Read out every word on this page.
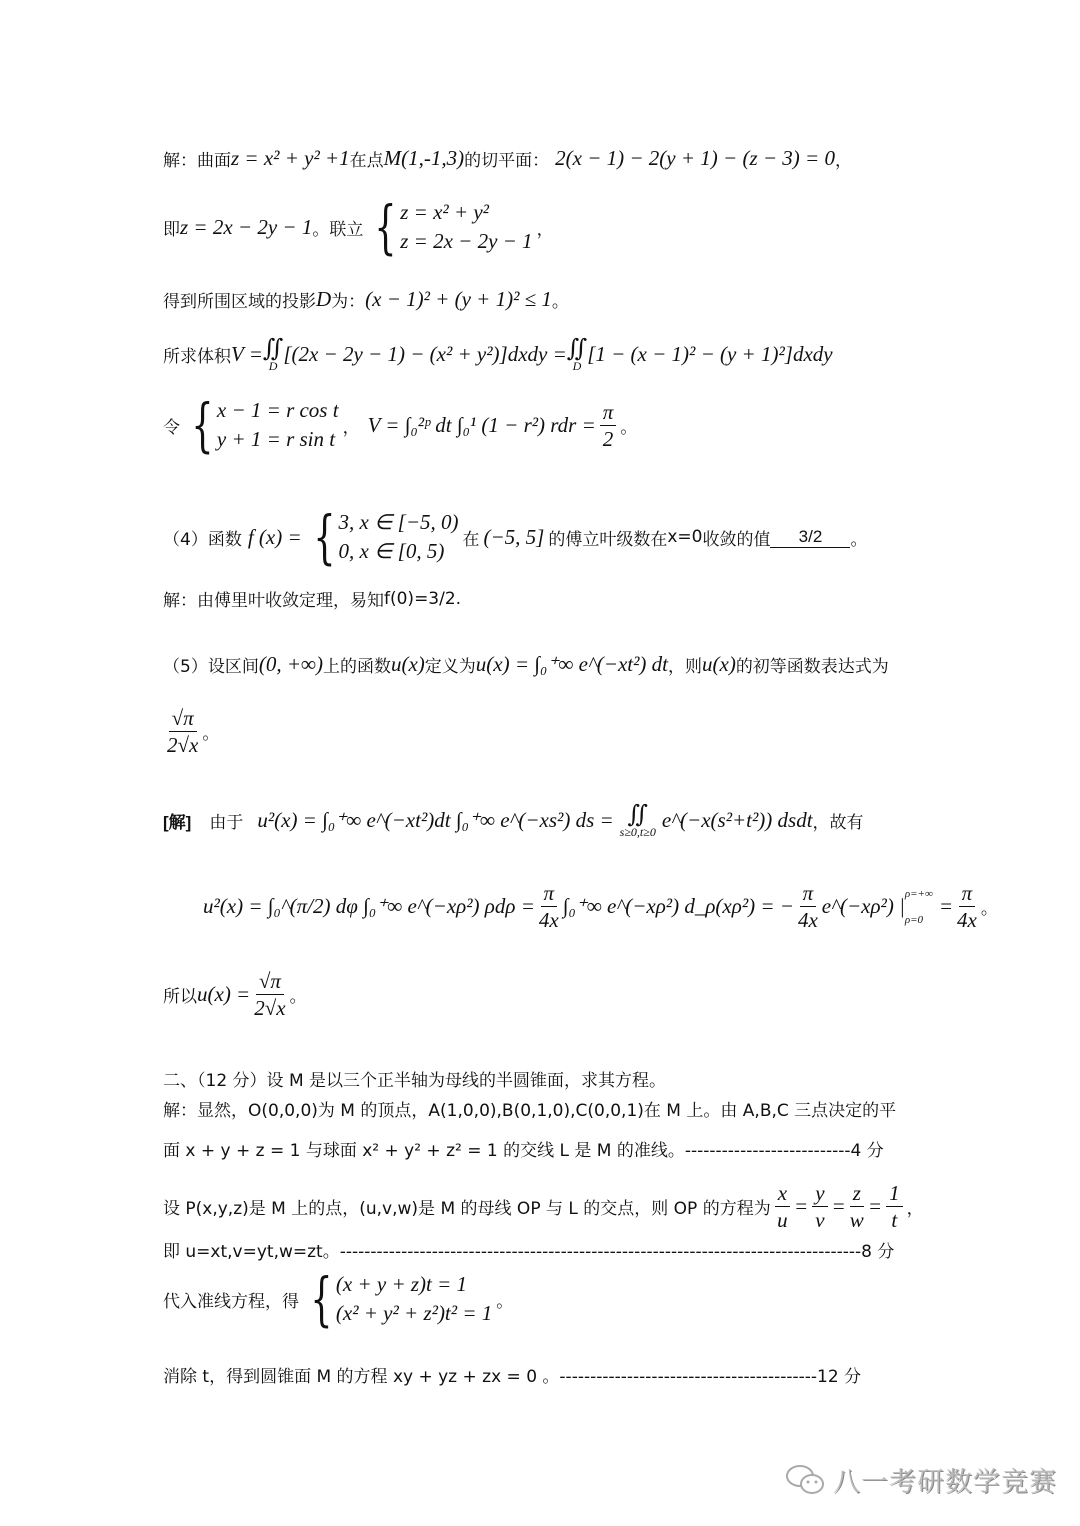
解：曲面 z = x² + y² +1 在点 M(1,-1,3) 的切平面： 2(x − 1) − 2(y + 1) − (z − 3) = 0 ，
即 z = 2x − 2y − 1 。联立 { z = x² + y²
z = 2x − 2y − 1 ，
得到所围区域的投影 D 为： (x − 1)² + (y + 1)² ≤ 1 。
所求体积 V = ∬
D
[(2x − 2y − 1) − (x² + y²)]dxdy = ∬
D
[1 − (x − 1)² − (y + 1)²]dxdy
令 { x − 1 = r cos t
y + 1 = r sin t ， V = ∫₀²ᵖ dt ∫₀¹ (1 − r²) rdr = $\frac{\pi}{2}$ 。
（4）函数 f (x) = { 3, x ∈ [−5, 0)
0, x ∈ [0, 5)	在 (−5, 5] 的傅立叶级数在 x=0 收敛的值	3/2	。
解：由傅里叶收敛定理，易知 f(0)=3/2.
（5）设区间 (0, +∞) 上的函数 u(x) 定义为 u(x) = ∫₀⁺∞ e^(−xt²) dt ，则 u(x) 的初等函数表达式为
$\frac{√\pi}{2√x}$ 。
[解] 由于 u²(x) = ∫₀⁺∞ e^(−xt²)dt ∫₀⁺∞ e^(−xs²) ds = ∬
s≥0,t≥0
e^(−x(s²+t²)) dsdt ，故有
u²(x) = ∫₀^(π/2) dφ ∫₀⁺∞ e^(−xρ²) $\rho d\rho = \frac{\pi}{4x} \int_0^+\infty$ e^(−xρ²) d_ρ(xρ²) = − $\frac{\pi}{4x}$ e^(−xρ²) |
ρ=+∞
ρ=0
= $\frac{\pi}{4x}$ 。
所以 $u(x) = \frac{√\pi}{2√x}$ 。
二、（12 分）设 M 是以三个正半轴为母线的半圆锥面，求其方程。
解：显然，O(0,0,0)为 M 的顶点，A(1,0,0),B(0,1,0),C(0,0,1)在 M 上。由 A,B,C 三点决定的平
面 x + y + z = 1 与球面 x² + y² + z² = 1 的交线 L 是 M 的准线。 ---------------------------4 分
设 P(x,y,z)是 M 上的点，(u,v,w)是 M 的母线 OP 与 L 的交点，则 OP 的方程为 $\frac{x}{u} = \frac{y}{v} = \frac{z}{w} = \frac{1}{t}$ ，
即 u=xt,v=yt,w=zt。 -------------------------------------------------------------------------------------8 分
代入准线方程，得 { (x + y + z)t = 1
(x² + y² + z²)t² = 1 。
消除 t，得到圆锥面 M 的方程 xy + yz + zx = 0 。 ------------------------------------------12 分
八一考研数学竞赛
